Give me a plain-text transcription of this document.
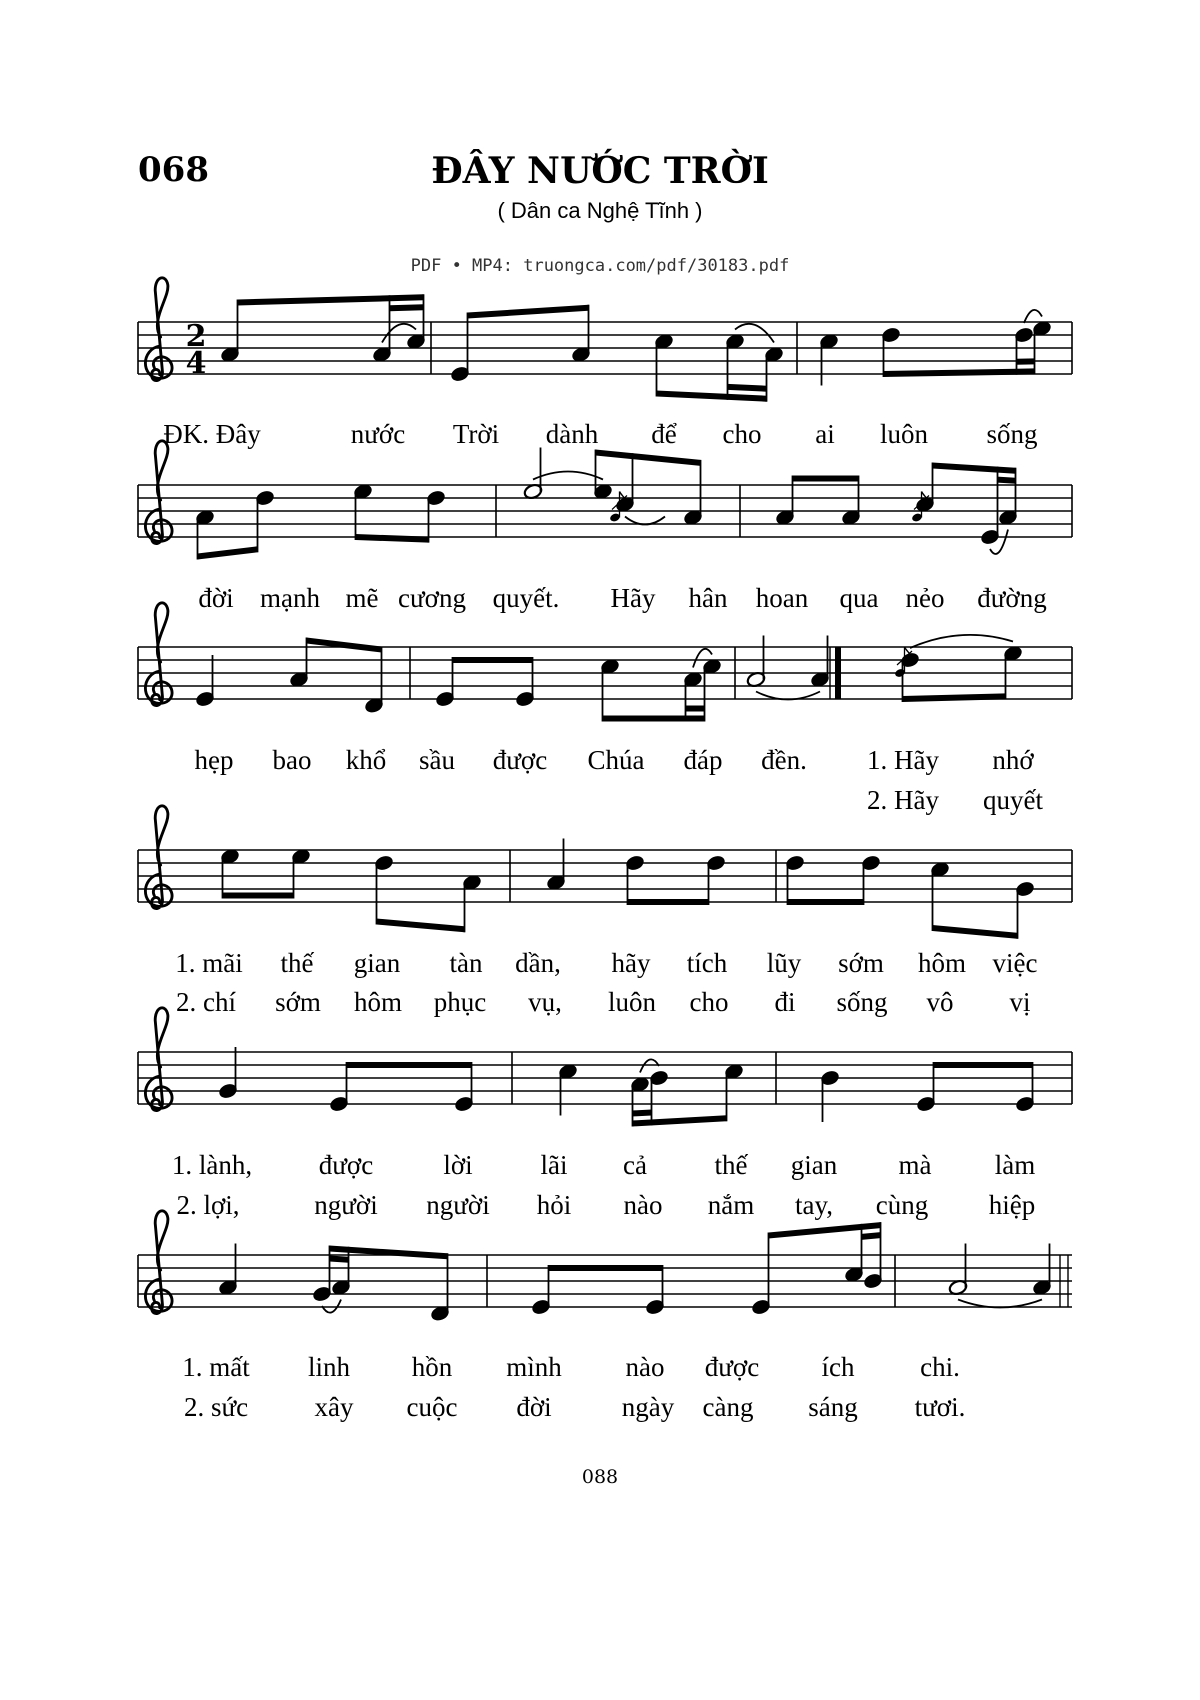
068	ĐÂY NƯỚC TRỜI
( Dân ca Nghệ Tĩnh )
PDF • MP4: truongca.com/pdf/30183.pdf
2
4
ĐK. Đây	nước Trời dành để cho ai luôn sống
đời mạnh mẽ cương quyết. Hãy hân hoan qua nẻo đường
hẹp bao khổ sầu được Chúa đáp đền. 1. Hãy nhớ
2. Hãy quyết
1. mãi thế gian tàn dần, hãy tích lũy sớm hôm việc
2. chí sớm hôm phục vụ, luôn cho đi sống vô vị
1. lành, được	lời	lãi cả	thế gian mà làm
2. lợi,	người người hỏi nào nắm tay, cùng hiệp
1. mất linh hồn mình nào được ích chi.
2. sức xây cuộc đời	ngày càng sáng tươi.
088
